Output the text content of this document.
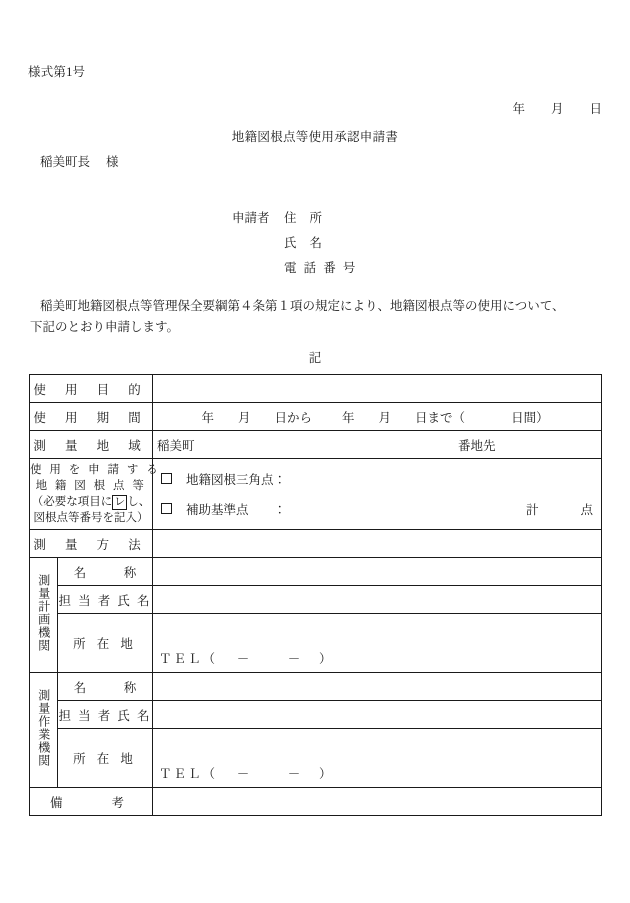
様式第1号
年 月 日
地籍図根点等使用承認申請書
稲美町長 様
申請者 住所
氏名
電 話 番 号
稲美町地籍図根点等管理保全要綱第４条第１項の規定により、地籍図根点等の使用について、
下記のとおり申請します。
記
使 用 目 的		

使 用 期 間		年 月 日から 年 月 日まで（ 日間）

測 量 地 域		稲美町 番地先

使 用 を 申 請 す る
地 籍 図 根 点 等
（必要な項目に レ し、
図根点等番号を記入）

地籍図根三角点：
補助基準点　　：	計	点

測 量 方 法		

測量計画機関	名　　　称	

	担 当 者 氏 名	

	所 在 地	ＴＥＬ（ － － ）

測量作業機関	名　　　称	

	担 当 者 氏 名	

	所 在 地	ＴＥＬ（ － － ）

備　　考		
